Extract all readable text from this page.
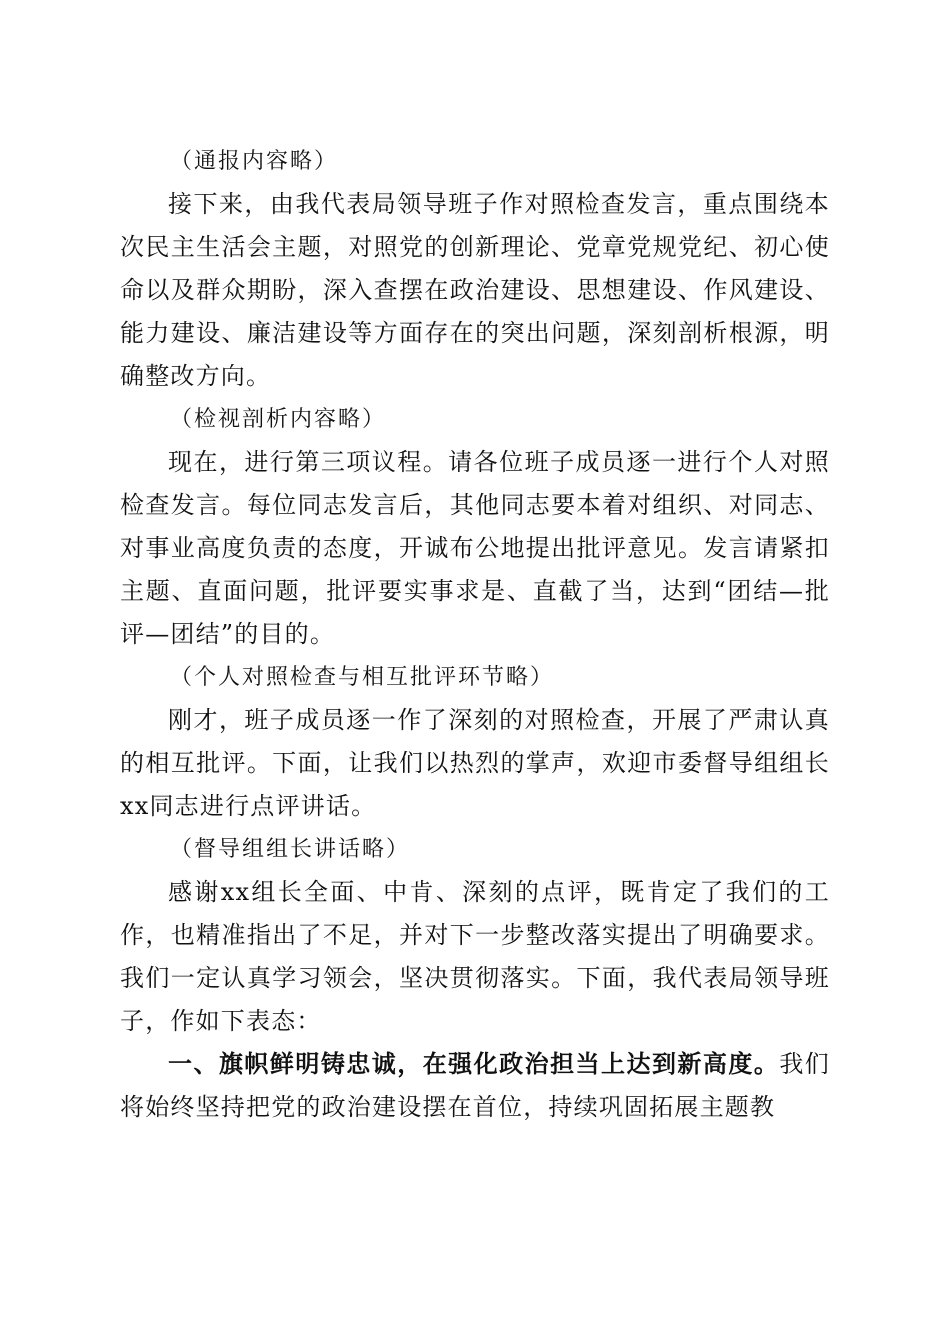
（通报内容略）

接下来，由我代表局领导班子作对照检查发言，重点围绕本次民主生活会主题，对照党的创新理论、党章党规党纪、初心使命以及群众期盼，深入查摆在政治建设、思想建设、作风建设、能力建设、廉洁建设等方面存在的突出问题，深刻剖析根源，明确整改方向。

（检视剖析内容略）

现在，进行第三项议程。请各位班子成员逐一进行个人对照检查发言。每位同志发言后，其他同志要本着对组织、对同志、对事业高度负责的态度，开诚布公地提出批评意见。发言请紧扣主题、直面问题，批评要实事求是、直截了当，达到“团结—批评—团结”的目的。

（个人对照检查与相互批评环节略）

刚才，班子成员逐一作了深刻的对照检查，开展了严肃认真的相互批评。下面，让我们以热烈的掌声，欢迎市委督导组组长xx同志进行点评讲话。

（督导组组长讲话略）

感谢xx组长全面、中肯、深刻的点评，既肯定了我们的工作，也精准指出了不足，并对下一步整改落实提出了明确要求。我们一定认真学习领会，坚决贯彻落实。下面，我代表局领导班子，作如下表态：

一、旗帜鲜明铸忠诚，在强化政治担当上达到新高度。我们将始终坚持把党的政治建设摆在首位，持续巩固拓展主题教
